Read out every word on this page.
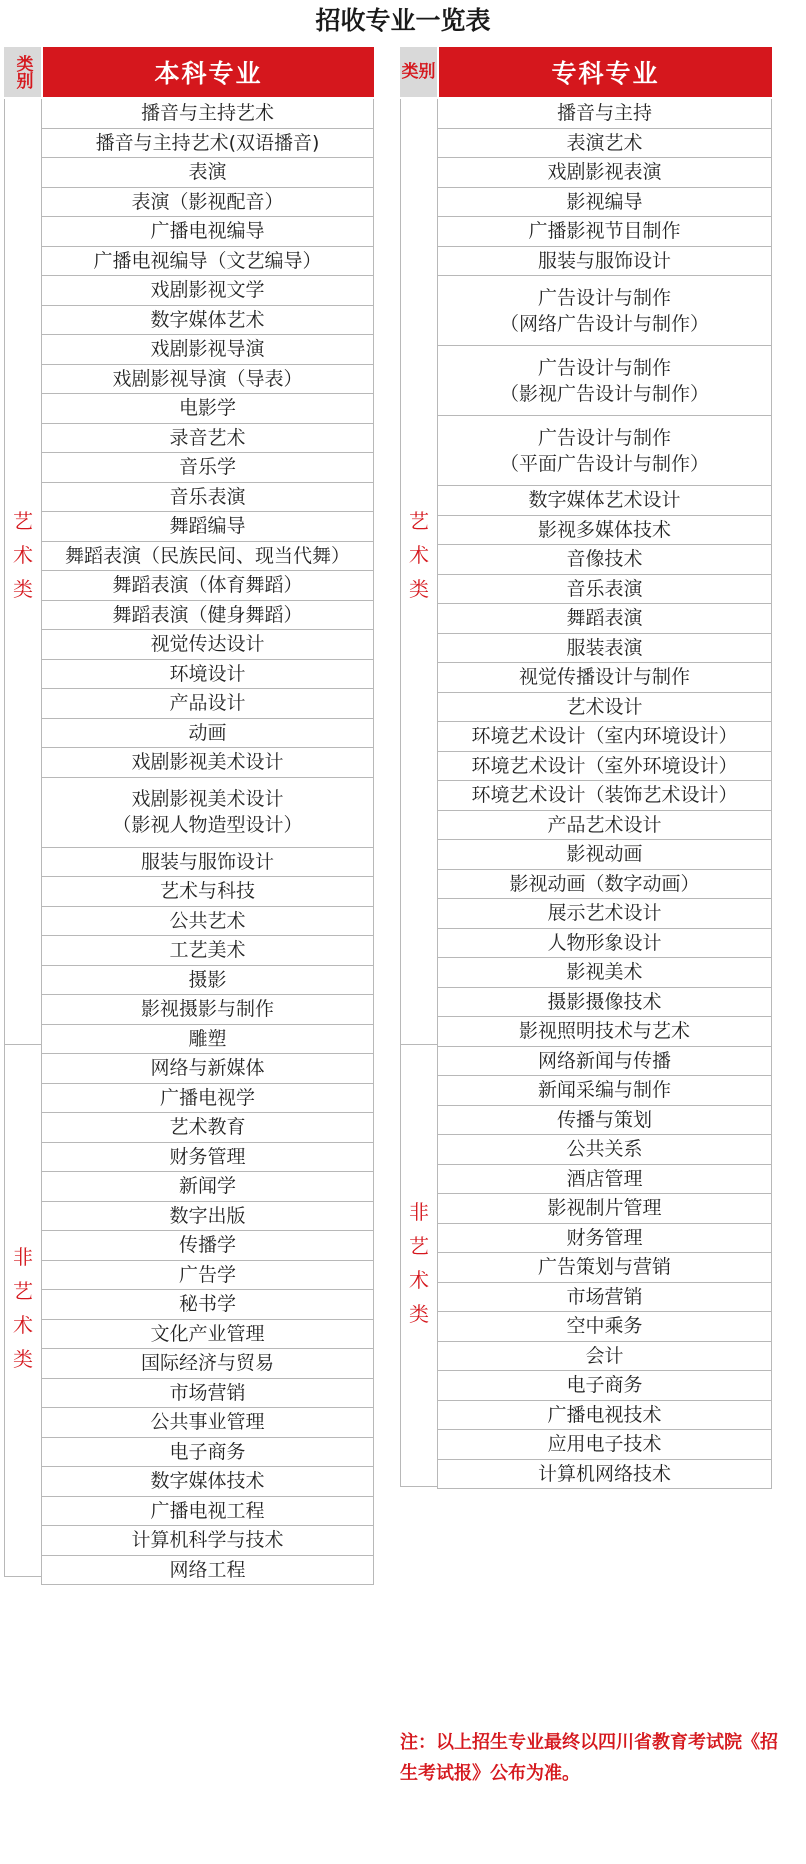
招收专业一览表
类别	本科专业
艺
术
类
非
艺
术
类
播音与主持艺术
播音与主持艺术(双语播音)
表演
表演（影视配音）
广播电视编导
广播电视编导（文艺编导）
戏剧影视文学
数字媒体艺术
戏剧影视导演
戏剧影视导演（导表）
电影学
录音艺术
音乐学
音乐表演
舞蹈编导
舞蹈表演（民族民间、现当代舞）
舞蹈表演（体育舞蹈）
舞蹈表演（健身舞蹈）
视觉传达设计
环境设计
产品设计
动画
戏剧影视美术设计
戏剧影视美术设计
（影视人物造型设计）
服装与服饰设计
艺术与科技
公共艺术
工艺美术
摄影
影视摄影与制作
雕塑
网络与新媒体
广播电视学
艺术教育
财务管理
新闻学
数字出版
传播学
广告学
秘书学
文化产业管理
国际经济与贸易
市场营销
公共事业管理
电子商务
数字媒体技术
广播电视工程
计算机科学与技术
网络工程
类别	专科专业
艺
术
类
非
艺
术
类
播音与主持
表演艺术
戏剧影视表演
影视编导
广播影视节目制作
服装与服饰设计
广告设计与制作
（网络广告设计与制作）
广告设计与制作
（影视广告设计与制作）
广告设计与制作
（平面广告设计与制作）
数字媒体艺术设计
影视多媒体技术
音像技术
音乐表演
舞蹈表演
服装表演
视觉传播设计与制作
艺术设计
环境艺术设计（室内环境设计）
环境艺术设计（室外环境设计）
环境艺术设计（装饰艺术设计）
产品艺术设计
影视动画
影视动画（数字动画）
展示艺术设计
人物形象设计
影视美术
摄影摄像技术
影视照明技术与艺术
网络新闻与传播
新闻采编与制作
传播与策划
公共关系
酒店管理
影视制片管理
财务管理
广告策划与营销
市场营销
空中乘务
会计
电子商务
广播电视技术
应用电子技术
计算机网络技术
注：以上招生专业最终以四川省教育考试院《招生考试报》公布为准。
